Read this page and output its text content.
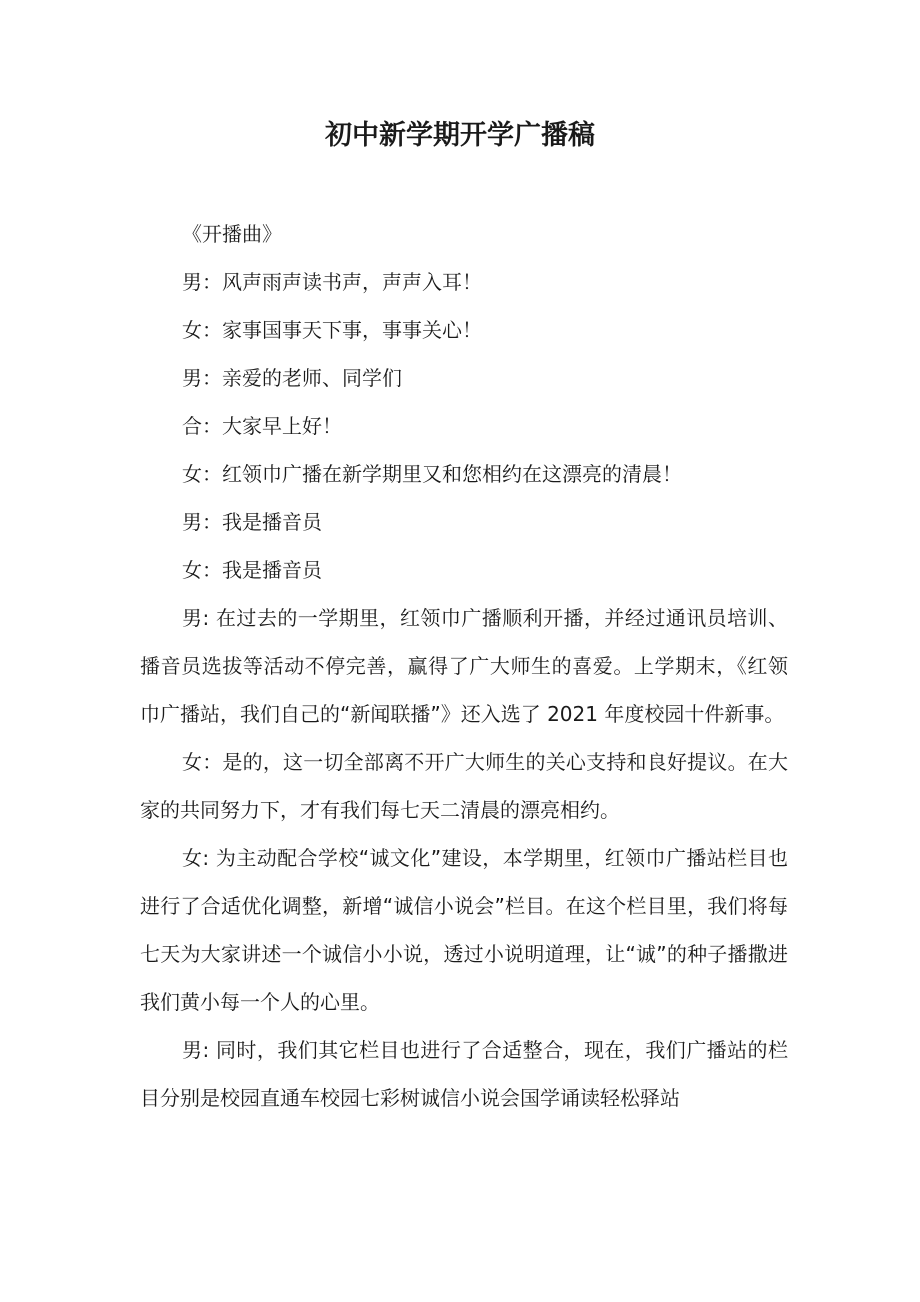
初中新学期开学广播稿

《开播曲》

男：风声雨声读书声，声声入耳！

女：家事国事天下事，事事关心！

男：亲爱的老师、同学们

合：大家早上好！

女：红领巾广播在新学期里又和您相约在这漂亮的清晨！

男：我是播音员

女：我是播音员

男: 在过去的一学期里，红领巾广播顺利开播，并经过通讯员培训、播音员选拔等活动不停完善，赢得了广大师生的喜爱。上学期末，《红领巾广播站，我们自己的“新闻联播”》还入选了 2021 年度校园十件新事。

女：是的，这一切全部离不开广大师生的关心支持和良好提议。在大家的共同努力下，才有我们每七天二清晨的漂亮相约。

女: 为主动配合学校“诚文化”建设，本学期里，红领巾广播站栏目也进行了合适优化调整，新增“诚信小说会”栏目。在这个栏目里，我们将每七天为大家讲述一个诚信小小说，透过小说明道理，让“诚”的种子播撒进我们黄小每一个人的心里。

男: 同时，我们其它栏目也进行了合适整合，现在，我们广播站的栏目分别是校园直通车校园七彩树诚信小说会国学诵读轻松驿站
